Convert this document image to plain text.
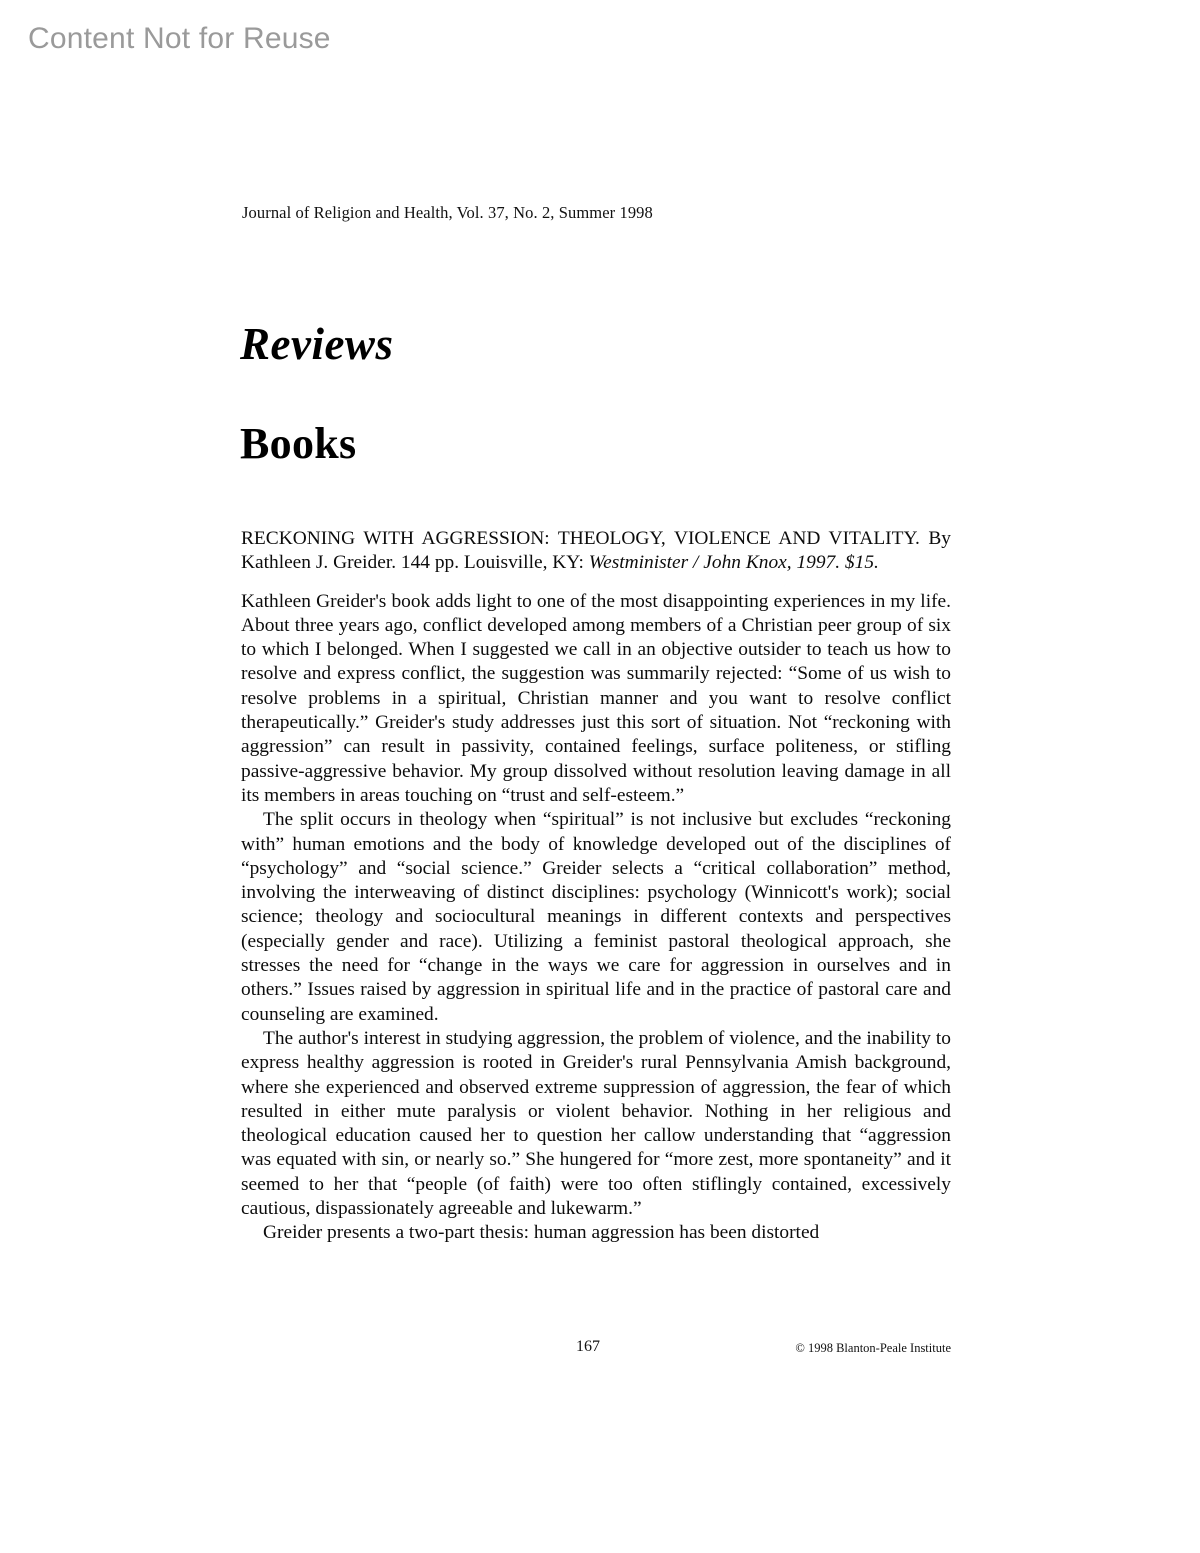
Content Not for Reuse
Journal of Religion and Health, Vol. 37, No. 2, Summer 1998
Reviews
Books

RECKONING WITH AGGRESSION: THEOLOGY, VIOLENCE AND VITALITY. By Kathleen J. Greider. 144 pp. Louisville, KY: Westminister / John Knox, 1997. $15.

Kathleen Greider's book adds light to one of the most disappointing experiences in my life. About three years ago, conflict developed among members of a Christian peer group of six to which I belonged. When I suggested we call in an objective outsider to teach us how to resolve and express conflict, the suggestion was summarily rejected: “Some of us wish to resolve problems in a spiritual, Christian manner and you want to resolve conflict therapeutically.” Greider's study addresses just this sort of situation. Not “reckoning with aggression” can result in passivity, contained feelings, surface politeness, or stifling passive-aggressive behavior. My group dissolved without resolution leaving damage in all its members in areas touching on “trust and self-esteem.”

The split occurs in theology when “spiritual” is not inclusive but excludes “reckoning with” human emotions and the body of knowledge developed out of the disciplines of “psychology” and “social science.” Greider selects a “critical collaboration” method, involving the interweaving of distinct disciplines: psychology (Winnicott's work); social science; theology and sociocultural meanings in different contexts and perspectives (especially gender and race). Utilizing a feminist pastoral theological approach, she stresses the need for “change in the ways we care for aggression in ourselves and in others.” Issues raised by aggression in spiritual life and in the practice of pastoral care and counseling are examined.

The author's interest in studying aggression, the problem of violence, and the inability to express healthy aggression is rooted in Greider's rural Pennsylvania Amish background, where she experienced and observed extreme suppression of aggression, the fear of which resulted in either mute paralysis or violent behavior. Nothing in her religious and theological education caused her to question her callow understanding that “aggression was equated with sin, or nearly so.” She hungered for “more zest, more spontaneity” and it seemed to her that “people (of faith) were too often stiflingly contained, excessively cautious, dispassionately agreeable and lukewarm.”

Greider presents a two-part thesis: human aggression has been distorted

167	© 1998 Blanton-Peale Institute
